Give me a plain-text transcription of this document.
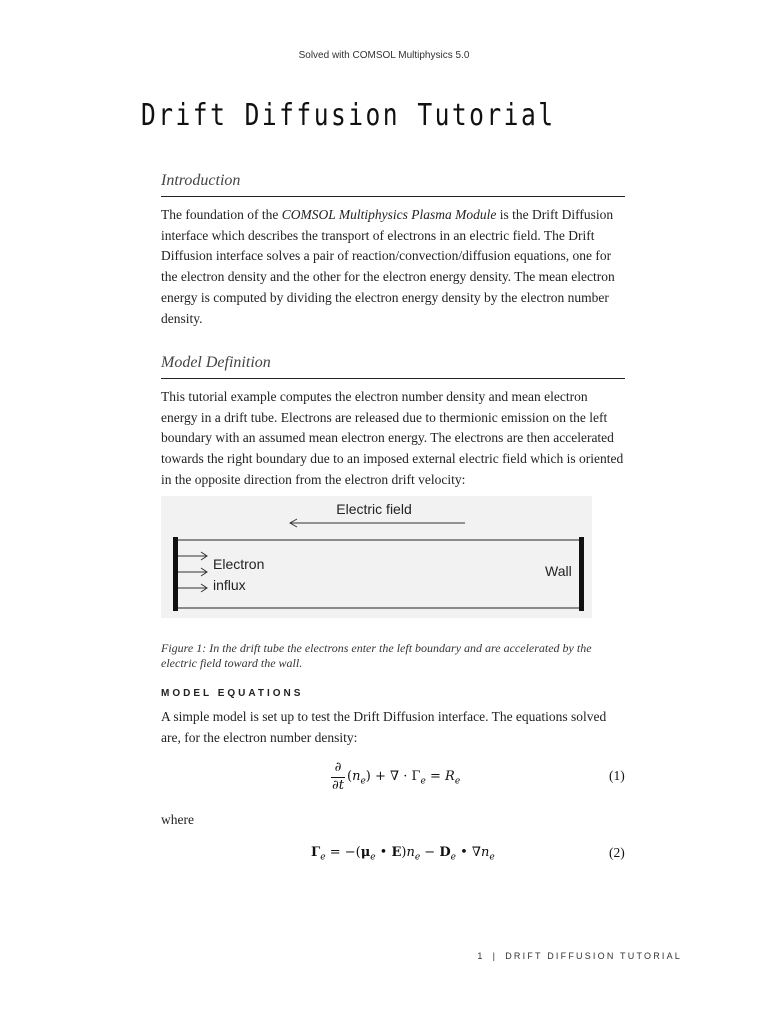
Solved with COMSOL Multiphysics 5.0
Drift Diffusion Tutorial
Introduction

The foundation of the COMSOL Multiphysics Plasma Module is the Drift Diffusion interface which describes the transport of electrons in an electric field. The Drift Diffusion interface solves a pair of reaction/convection/diffusion equations, one for the electron density and the other for the electron energy density. The mean electron energy is computed by dividing the electron energy density by the electron number density.

Model Definition

This tutorial example computes the electron number density and mean electron energy in a drift tube. Electrons are released due to thermionic emission on the left boundary with an assumed mean electron energy. The electrons are then accelerated towards the right boundary due to an imposed external electric field which is oriented in the opposite direction from the electron drift velocity:

Electric field
Electron
influx
Wall

Figure 1: In the drift tube the electrons enter the left boundary and are accelerated by the electric field toward the wall.

MODEL EQUATIONS

A simple model is set up to test the Drift Diffusion interface. The equations solved are, for the electron number density:

∂
∂t
$(n_e)$ + ∇ · $\Gamma_e = R_e$	(1)

where

$\Gamma_e = -(\mu_e$ • $E)n_e - D_e$ • $\nabla n_e$	(2)
1 | DRIFT DIFFUSION TUTORIAL
